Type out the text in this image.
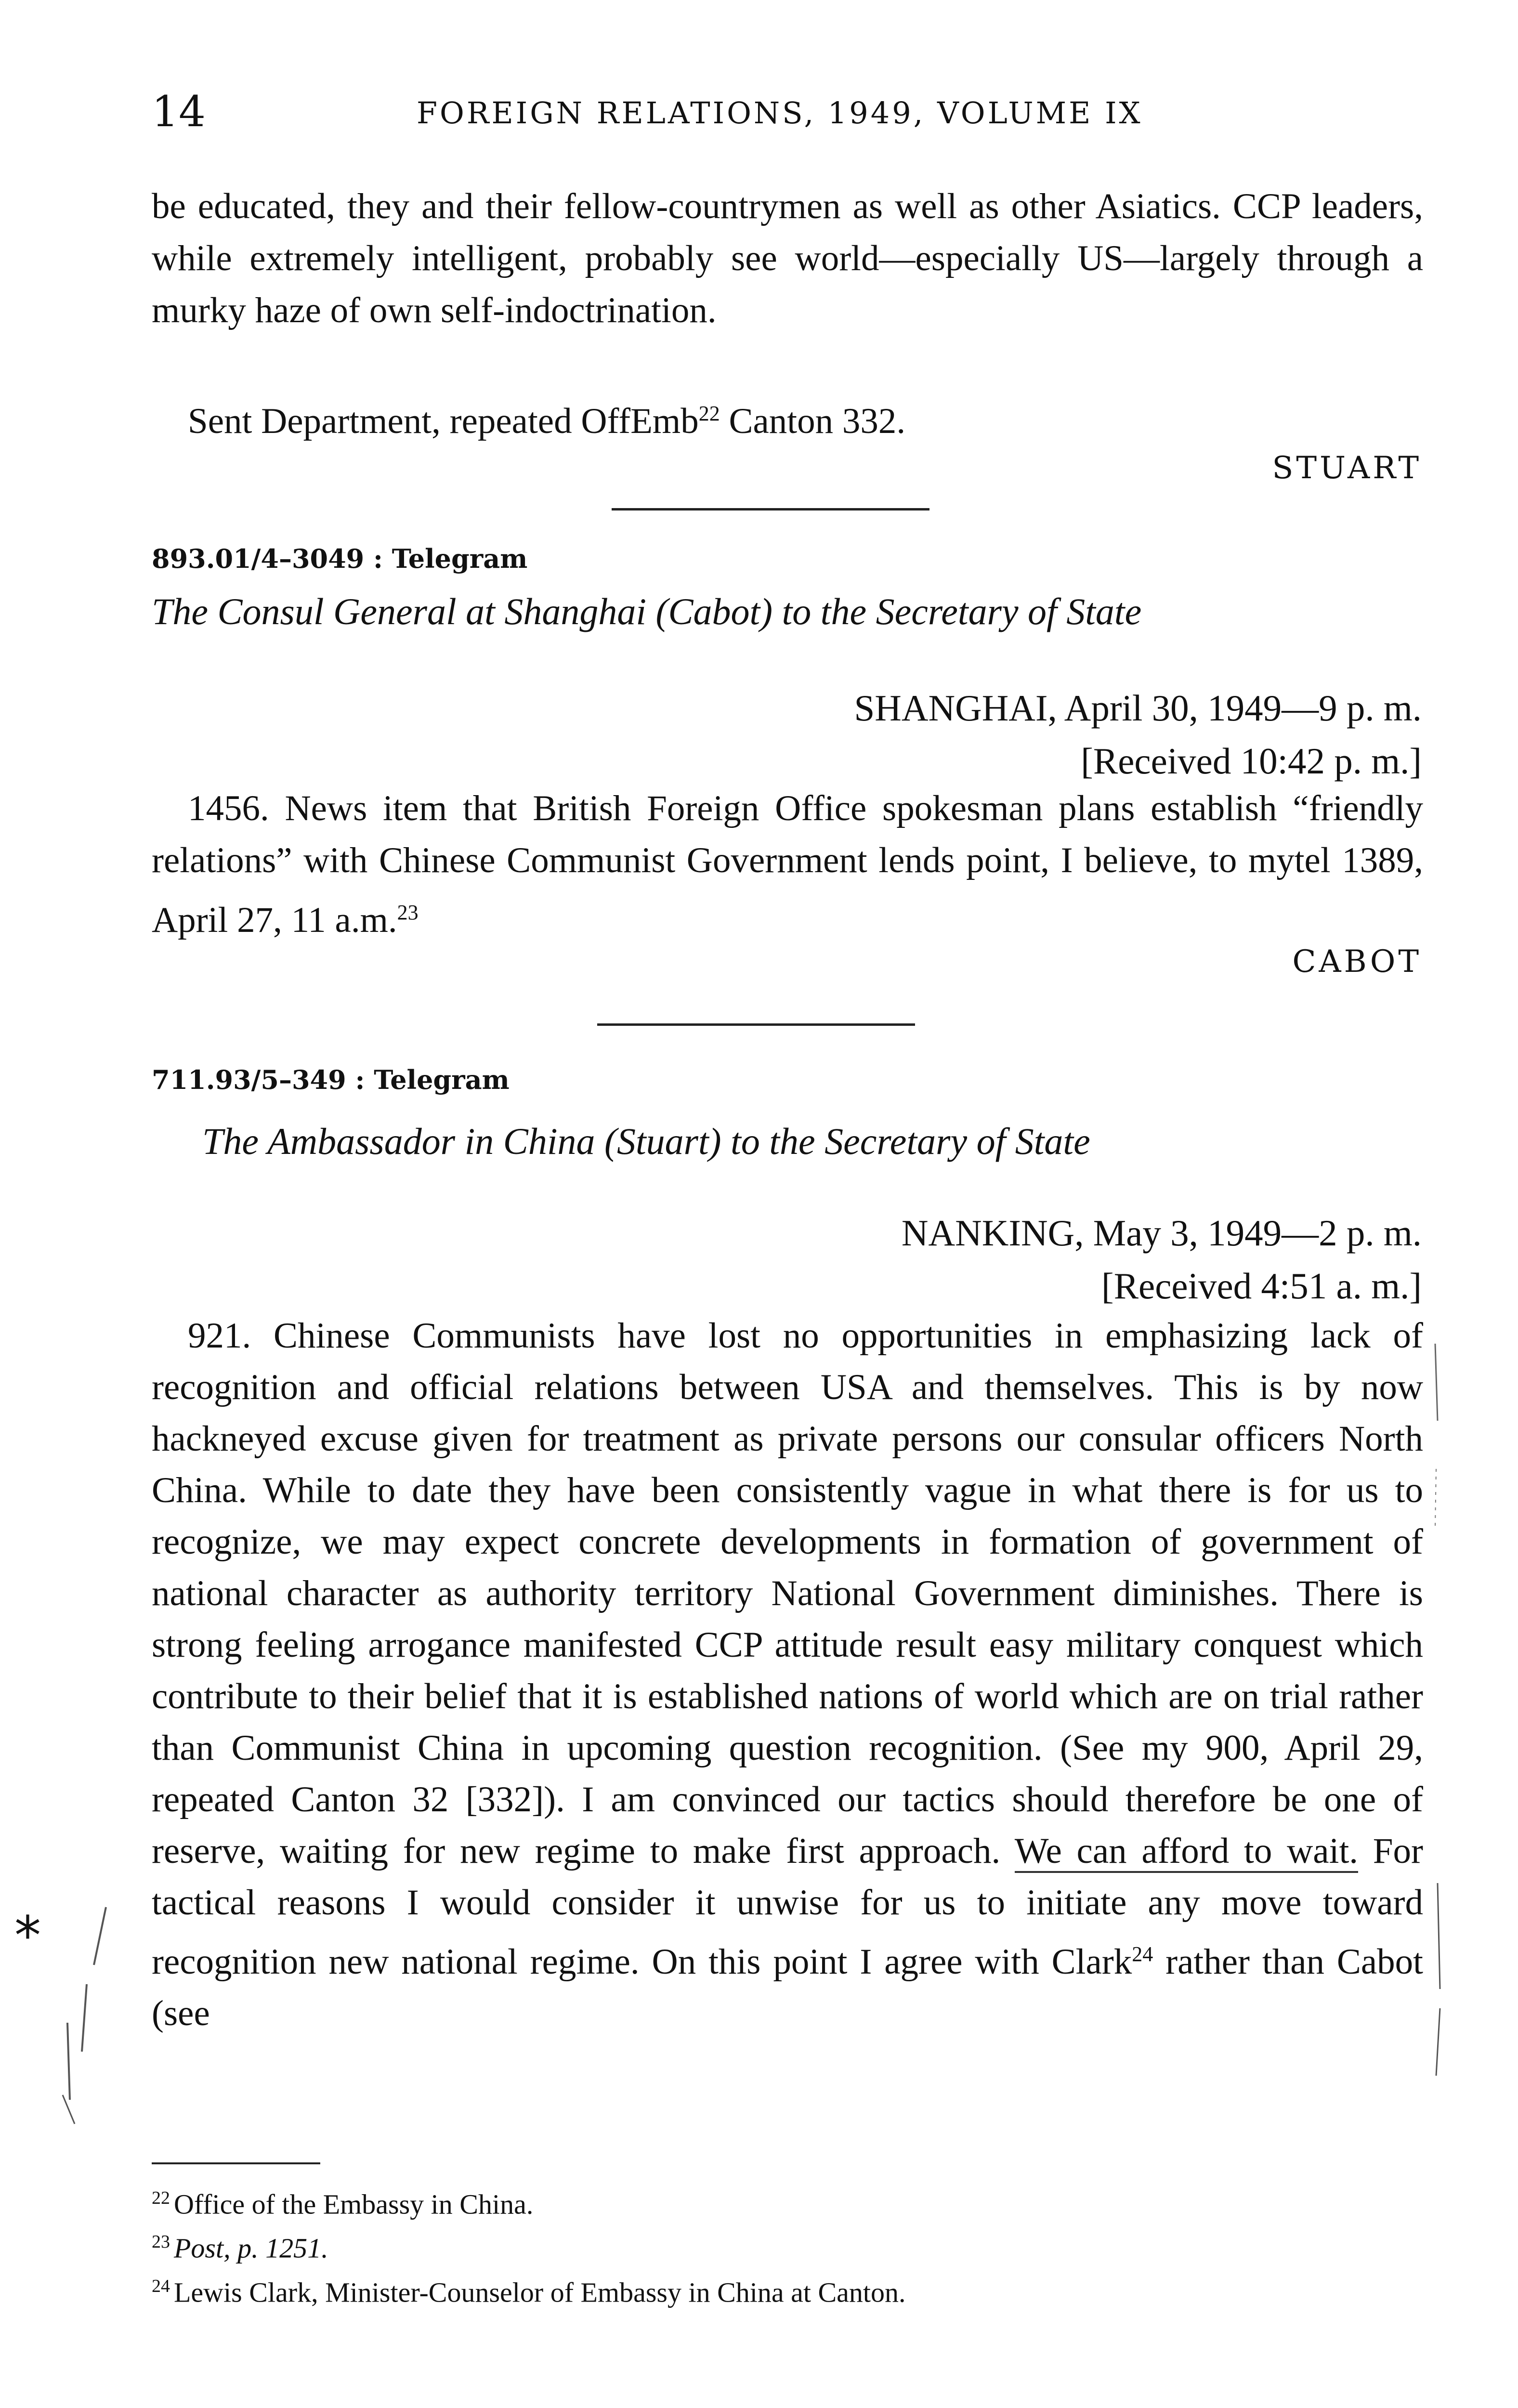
14	FOREIGN RELATIONS, 1949, VOLUME IX

be educated, they and their fellow-countrymen as well as other Asiatics. CCP leaders, while extremely intelligent, probably see world—especially US—largely through a murky haze of own self-indoctrination.

Sent Department, repeated OffEmb$^{22}$ Canton 332.

STUART
893.01/4–3049 : Telegram
The Consul General at Shanghai (Cabot) to the Secretary of State
SHANGHAI, April 30, 1949—9 p. m.
[Received 10:42 p. m.]

1456. News item that British Foreign Office spokesman plans establish “friendly relations” with Chinese Communist Government lends point, I believe, to mytel 1389, April 27, 11 a.m.$^{23}$

CABOT
711.93/5–349 : Telegram
The Ambassador in China (Stuart) to the Secretary of State
NANKING, May 3, 1949—2 p. m.
[Received 4:51 a. m.]

921. Chinese Communists have lost no opportunities in emphasizing lack of recognition and official relations between USA and themselves. This is by now hackneyed excuse given for treatment as private persons our consular officers North China. While to date they have been consistently vague in what there is for us to recognize, we may expect concrete developments in formation of government of national character as authority territory National Government diminishes. There is strong feeling arrogance manifested CCP attitude result easy military conquest which contribute to their belief that it is established nations of world which are on trial rather than Communist China in upcoming question recognition. (See my 900, April 29, repeated Canton 32 [332]). I am convinced our tactics should therefore be one of reserve, waiting for new regime to make first approach. We can afford to wait. For tactical reasons I would consider it unwise for us to initiate any move toward recognition new national regime. On this point I agree with Clark$^{24}$ rather than Cabot (see

*
$^{22}$ Office of the Embassy in China.
$^{23}$ Post, p. 1251.
$^{24}$ Lewis Clark, Minister-Counselor of Embassy in China at Canton.
